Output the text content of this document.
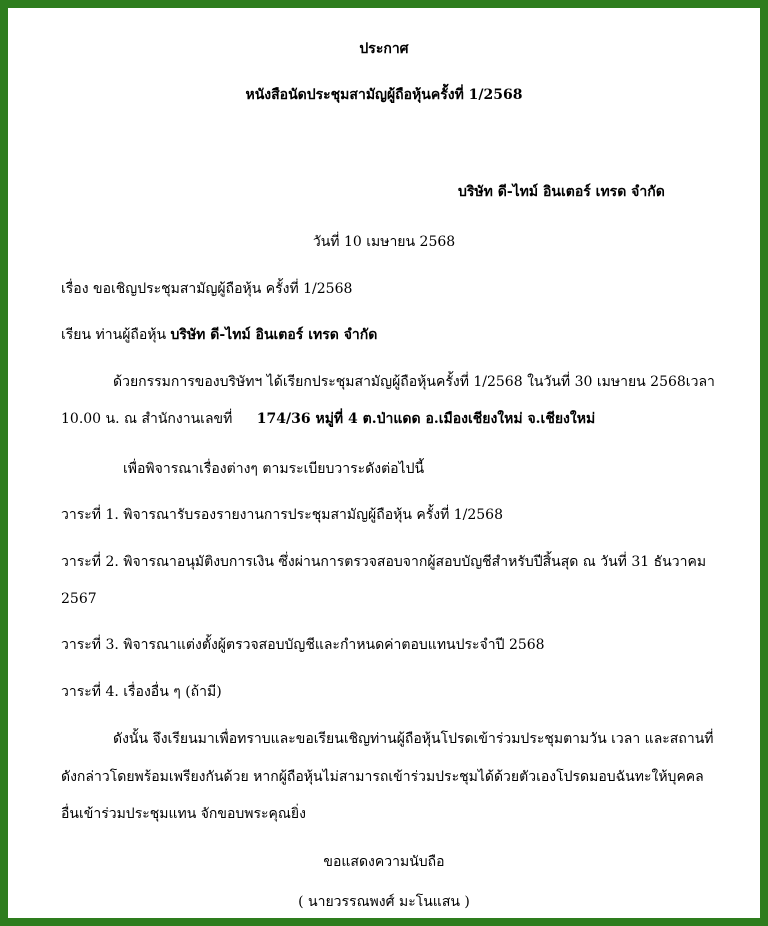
ประกาศ
หนังสือนัดประชุมสามัญผู้ถือหุ้นครั้งที่ 1/2568
บริษัท ดี-ไทม์ อินเตอร์ เทรด จำกัด
วันที่ 10 เมษายน 2568
เรื่อง ขอเชิญประชุมสามัญผู้ถือหุ้น ครั้งที่ 1/2568
เรียน ท่านผู้ถือหุ้น บริษัท ดี-ไทม์ อินเตอร์ เทรด จำกัด
ด้วยกรรมการของบริษัทฯ ได้เรียกประชุมสามัญผู้ถือหุ้นครั้งที่ 1/2568 ในวันที่ 30 เมษายน 2568เวลา
10.00 น. ณ สำนักงานเลขที่ 174/36 หมู่ที่ 4 ต.ป่าแดด อ.เมืองเชียงใหม่ จ.เชียงใหม่
เพื่อพิจารณาเรื่องต่างๆ ตามระเบียบวาระดังต่อไปนี้
วาระที่ 1. พิจารณารับรองรายงานการประชุมสามัญผู้ถือหุ้น ครั้งที่ 1/2568
วาระที่ 2. พิจารณาอนุมัติงบการเงิน ซึ่งผ่านการตรวจสอบจากผู้สอบบัญชีสำหรับปีสิ้นสุด ณ วันที่ 31 ธันวาคม
2567
วาระที่ 3. พิจารณาแต่งตั้งผู้ตรวจสอบบัญชีและกำหนดค่าตอบแทนประจำปี 2568
วาระที่ 4. เรื่องอื่น ๆ (ถ้ามี)
ดังนั้น จึงเรียนมาเพื่อทราบและขอเรียนเชิญท่านผู้ถือหุ้นโปรดเข้าร่วมประชุมตามวัน เวลา และสถานที่
ดังกล่าวโดยพร้อมเพรียงกันด้วย หากผู้ถือหุ้นไม่สามารถเข้าร่วมประชุมได้ด้วยตัวเองโปรดมอบฉันทะให้บุคคล
อื่นเข้าร่วมประชุมแทน จักขอบพระคุณยิ่ง
ขอแสดงความนับถือ
( นายวรรณพงศ์ มะโนแสน )
